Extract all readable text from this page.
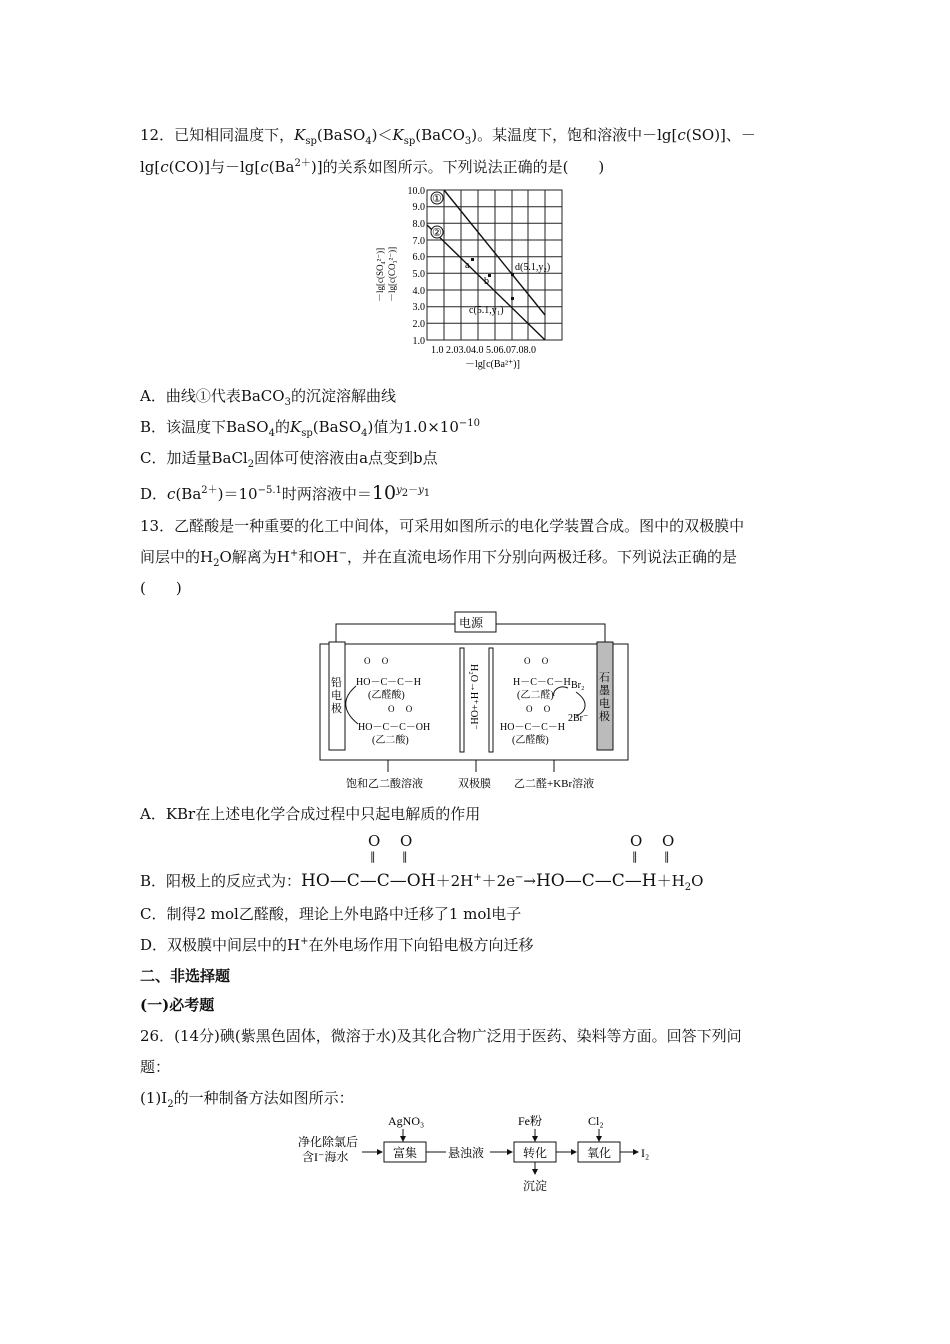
12．已知相同温度下，$K_{sp}(BaSO_4)<K_{sp}(BaCO_3)$。某温度下，饱和溶液中－lg[c(SO)]、－
lg[c(CO)]与$-\lg[c(Ba^{2+})]$的关系如图所示。下列说法正确的是(　　)
①
②
a
b
d(5.1,y₂)
c(5.1,y₁)
10.0
9.0
8.0
7.0
6.0
5.0
4.0
3.0
2.0
1.0
1.0 2.03.04.0 5.06.07.08.0
－lg[c(Ba²⁺)]
－lg[c(SO₄²⁻)] －lg[c(CO₃²⁻)]
A．曲线①代表BaCO$_3$的沉淀溶解曲线
B．该温度下BaSO$_4$的$K_{sp}(BaSO_4)$值为$1.0\times 10^{-10}$
C．加适量BaCl$_2$固体可使溶液由a点变到b点
D．$c(Ba^{2+})=10^{-5.1}$时两溶液中$=10^{y_2-y_1}$
13．乙醛酸是一种重要的化工中间体，可采用如图所示的电化学装置合成。图中的双极膜中
间层中的$H_2O$解离为H+和OH−，并在直流电场作用下分别向两极迁移。下列说法正确的是
(　　)
电源
铅电极
石墨电极
H₂O→H⁺+OH⁻
O　 O
HO－C－C－H
(乙醛酸)
O　 O
HO－C－C－OH
(乙二酸)
O　 O
H－C－C－H
(乙二醛)
O　 O
HO－C－C－H
(乙醛酸)
Br₂
2Br⁻
饱和乙二酸溶液	双极膜 乙二醛+KBr溶液
A．KBr在上述电化学合成过程中只起电解质的作用
O O	O O
‖ ‖	‖ ‖
B．阳极上的反应式为：$HO—C—C—OH+2H^++2e^-\to HO—C—C—H+H_2O$
C．制得2 mol乙醛酸，理论上外电路中迁移了1 mol电子
D．双极膜中间层中的H+在外电场作用下向铅电极方向迁移
二、非选择题
(一)必考题
26．(14分)碘(紫黑色固体，微溶于水)及其化合物广泛用于医药、染料等方面。回答下列问
题：
$(1)I_2$的一种制备方法如图所示：
净化除氯后
含I⁻海水
AgNO₃
富集	悬浊液
Fe粉
转化
沉淀
Cl₂
氧化 I₂
